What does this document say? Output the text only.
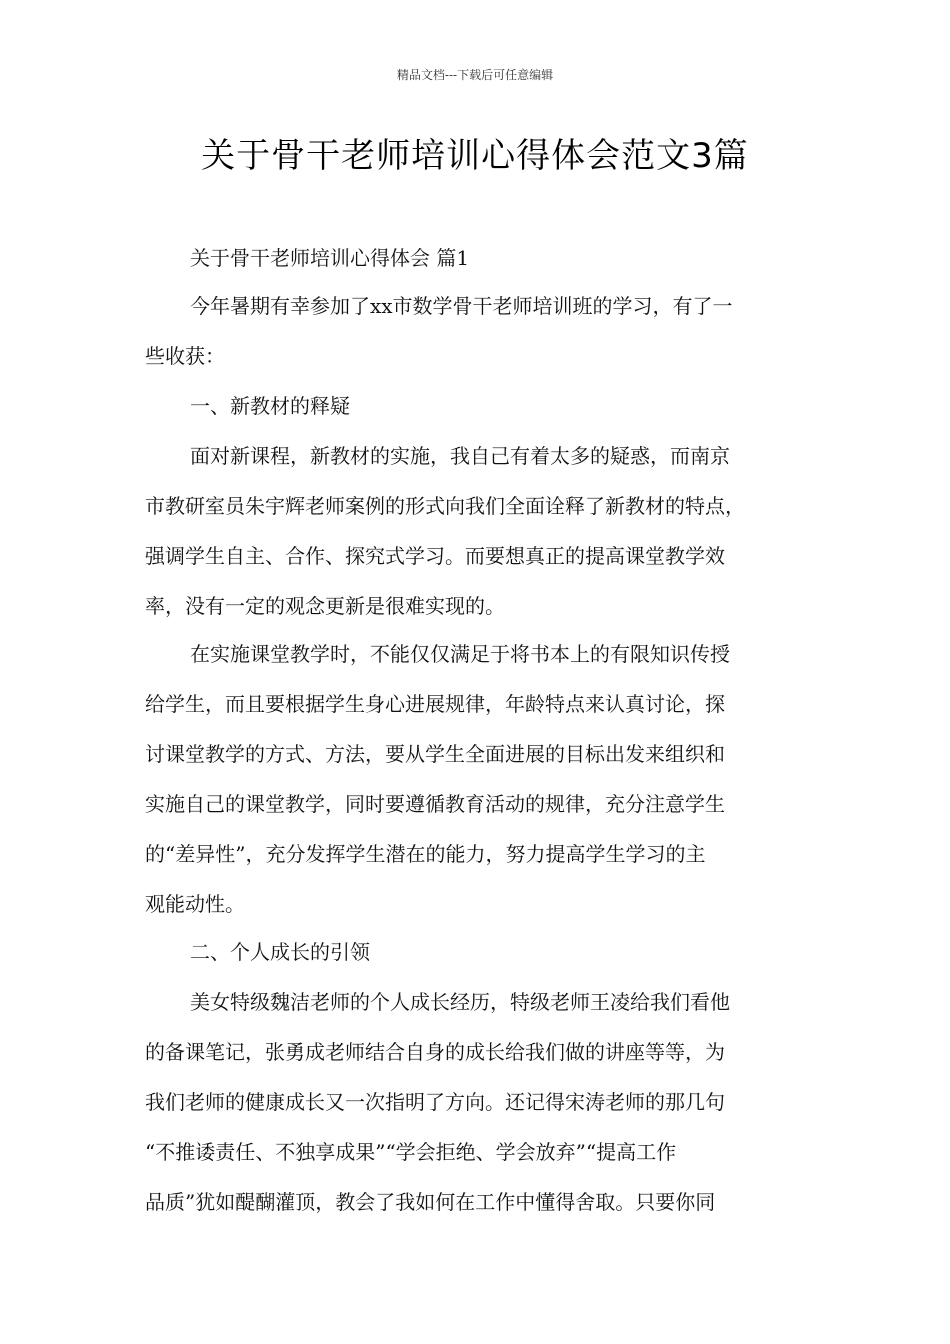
精品文档---下载后可任意编辑
关于骨干老师培训心得体会范文3篇
关于骨干老师培训心得体会 篇1
今年暑期有幸参加了xx市数学骨干老师培训班的学习，有了一
些收获：
一、新教材的释疑
面对新课程，新教材的实施，我自己有着太多的疑惑，而南京
市教研室员朱宇辉老师案例的形式向我们全面诠释了新教材的特点，
强调学生自主、合作、探究式学习。而要想真正的提高课堂教学效
率，没有一定的观念更新是很难实现的。
在实施课堂教学时，不能仅仅满足于将书本上的有限知识传授
给学生，而且要根据学生身心进展规律，年龄特点来认真讨论，探
讨课堂教学的方式、方法，要从学生全面进展的目标出发来组织和
实施自己的课堂教学，同时要遵循教育活动的规律，充分注意学生
的“差异性”，充分发挥学生潜在的能力，努力提高学生学习的主
观能动性。
二、个人成长的引领
美女特级魏洁老师的个人成长经历，特级老师王凌给我们看他
的备课笔记，张勇成老师结合自身的成长给我们做的讲座等等，为
我们老师的健康成长又一次指明了方向。还记得宋涛老师的那几句
“不推诿责任、不独享成果”“学会拒绝、学会放弃”“提高工作
品质”犹如醍醐灌顶，教会了我如何在工作中懂得舍取。只要你同
